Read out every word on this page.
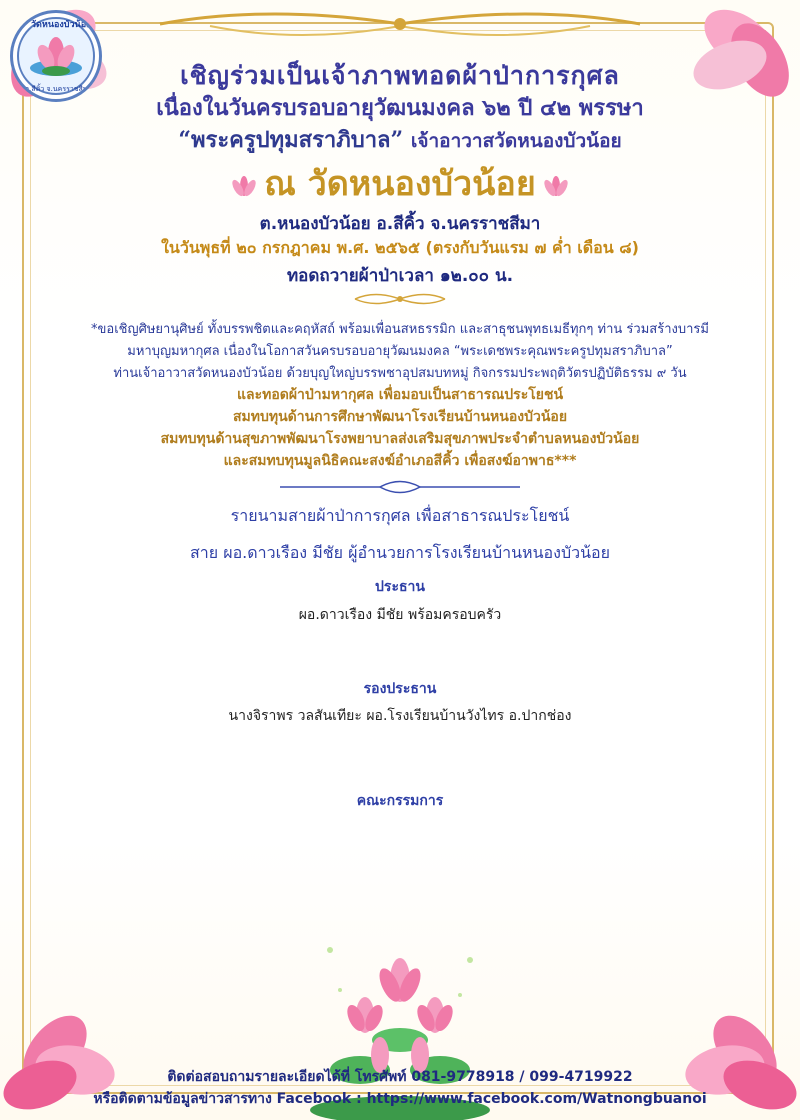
วัดหนองบัวน้อย
อ.สีคิ้ว จ.นครราชสีมา	เชิญร่วมเป็นเจ้าภาพทอดผ้าป่าการกุศล
เนื่องในวันครบรอบอายุวัฒนมงคล ๖๒ ปี ๔๒ พรรษา
“พระครูปทุมสราภิบาล” เจ้าอาวาสวัดหนองบัวน้อย
ณ วัดหนองบัวน้อย
ต.หนองบัวน้อย อ.สีคิ้ว จ.นครราชสีมา
ในวันพุธที่ ๒๐ กรกฎาคม พ.ศ. ๒๕๖๕ (ตรงกับวันแรม ๗ ค่ำ เดือน ๘)
ทอดถวายผ้าป่าเวลา ๑๒.๐๐ น.
*ขอเชิญศิษยานุศิษย์ ทั้งบรรพชิตและคฤหัสถ์ พร้อมเพื่อนสหธรรมิก และสาธุชนพุทธเมธีทุกๆ ท่าน ร่วมสร้างบารมี
มหาบุญมหากุศล เนื่องในโอกาสวันครบรอบอายุวัฒนมงคล “พระเดชพระคุณพระครูปทุมสราภิบาล”
ท่านเจ้าอาวาสวัดหนองบัวน้อย ด้วยบุญใหญ่บรรพชาอุปสมบทหมู่ กิจกรรมประพฤติวัตรปฏิบัติธรรม ๙ วัน
และทอดผ้าป่ามหากุศล เพื่อมอบเป็นสาธารณประโยชน์
สมทบทุนด้านการศึกษาพัฒนาโรงเรียนบ้านหนองบัวน้อย
สมทบทุนด้านสุขภาพพัฒนาโรงพยาบาลส่งเสริมสุขภาพประจำตำบลหนองบัวน้อย
และสมทบทุนมูลนิธิคณะสงฆ์อำเภอสีคิ้ว เพื่อสงฆ์อาพาธ***
รายนามสายผ้าป่าการกุศล เพื่อสาธารณประโยชน์
สาย ผอ.ดาวเรือง มีชัย ผู้อำนวยการโรงเรียนบ้านหนองบัวน้อย
ประธาน
ผอ.ดาวเรือง มีชัย พร้อมครอบครัว
รองประธาน
นางจิราพร วลสันเทียะ ผอ.โรงเรียนบ้านวังไทร อ.ปากช่อง
คณะกรรมการ
ติดต่อสอบถามรายละเอียดได้ที่ โทรศัพท์ 081-9778918 / 099-4719922
หรือติดตามข้อมูลข่าวสารทาง Facebook : https://www.facebook.com/Watnongbuanoi
